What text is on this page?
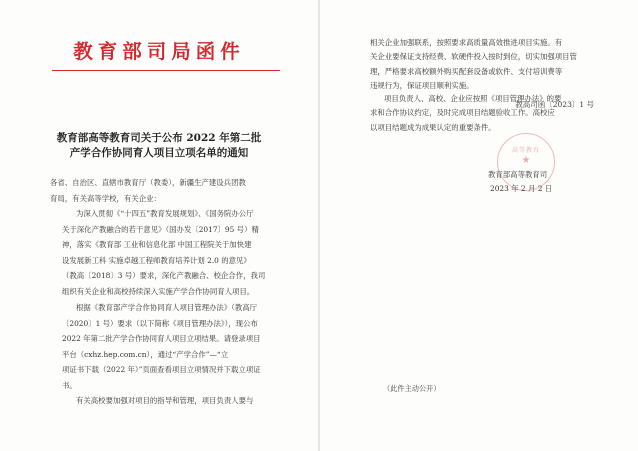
教育部司局函件
教高司函〔2023〕1 号
教育部高等教育司关于公布 2022 年第二批
产学合作协同育人项目立项名单的通知
各省、自治区、直辖市教育厅（教委），新疆生产建设兵团教
育局，有关高等学校，有关企业：
为深入贯彻《“十四五”教育发展规划》、《国务院办公厅
关于深化产教融合的若干意见》（国办发〔2017〕95 号）精
神，落实《教育部 工业和信息化部 中国工程院关于加快建
设发展新工科 实施卓越工程师教育培养计划 2.0 的意见》
（教高〔2018〕3 号）要求，深化产教融合、校企合作，我司
组织有关企业和高校持续深入实施产学合作协同育人项目。
根据《教育部产学合作协同育人项目管理办法》（教高厅
〔2020〕1 号）要求（以下简称《项目管理办法》），现公布
2022 年第二批产学合作协同育人项目立项结果。请登录项目
平台（cxhz.hep.com.cn），通过“产学合作”—“立
项证书下载（2022 年）”页面查看项目立项情况并下载立项证
书。
有关高校要加强对项目的指导和管理，项目负责人要与
相关企业加强联系，按照要求高质量高效推进项目实施。有
关企业要保证支持经费、软硬件投入按时到位，切实加强项目管
理，严格要求高校额外购买配套设备或软件、支付培训费等
违规行为，保证项目顺利实施。
项目负责人、高校、企业应按照《项目管理办法》的要
求和合作协议约定，及时完成项目结题验收工作。高校应
以项目结题成为成果认定的重要条件。
高等教育
★
教育部高等教育司
2023 年 2 月 2 日
（此件主动公开）
